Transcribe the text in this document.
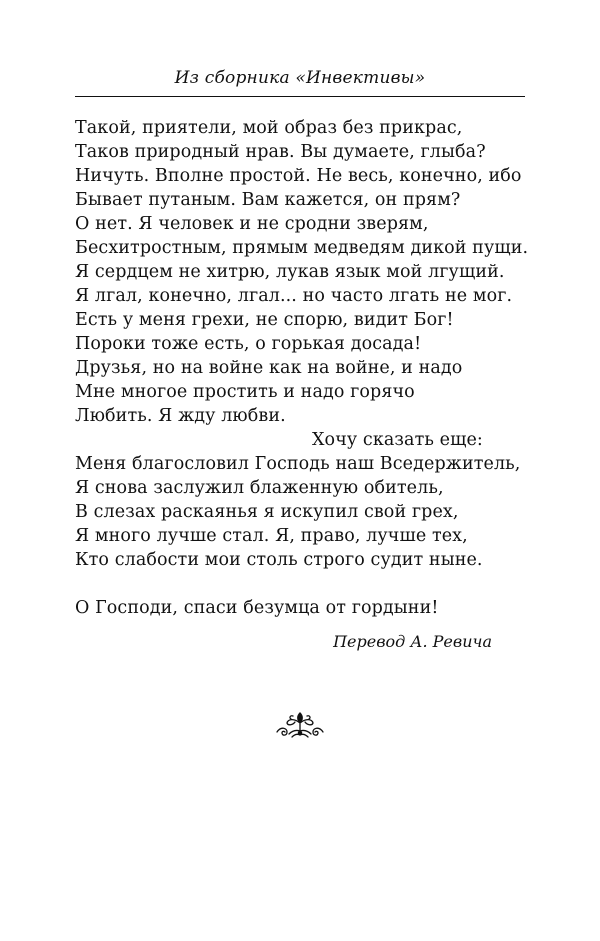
Из сборника «Инвективы»
Такой, приятели, мой образ без прикрас,
Таков природный нрав. Вы думаете, глыба?
Ничуть. Вполне простой. Не весь, конечно, ибо
Бывает путаным. Вам кажется, он прям?
О нет. Я человек и не сродни зверям,
Бесхитростным, прямым медведям дикой пущи.
Я сердцем не хитрю, лукав язык мой лгущий.
Я лгал, конечно, лгал... но часто лгать не мог.
Есть у меня грехи, не спорю, видит Бог!
Пороки тоже есть, о горькая досада!
Друзья, но на войне как на войне, и надо
Мне многое простить и надо горячо
Любить. Я жду любви.
Хочу сказать еще:
Меня благословил Господь наш Вседержитель,
Я снова заслужил блаженную обитель,
В слезах раскаянья я искупил свой грех,
Я много лучше стал. Я, право, лучше тех,
Кто слабости мои столь строго судит ныне.
О Господи, спаси безумца от гордыни!
Перевод А. Ревича
